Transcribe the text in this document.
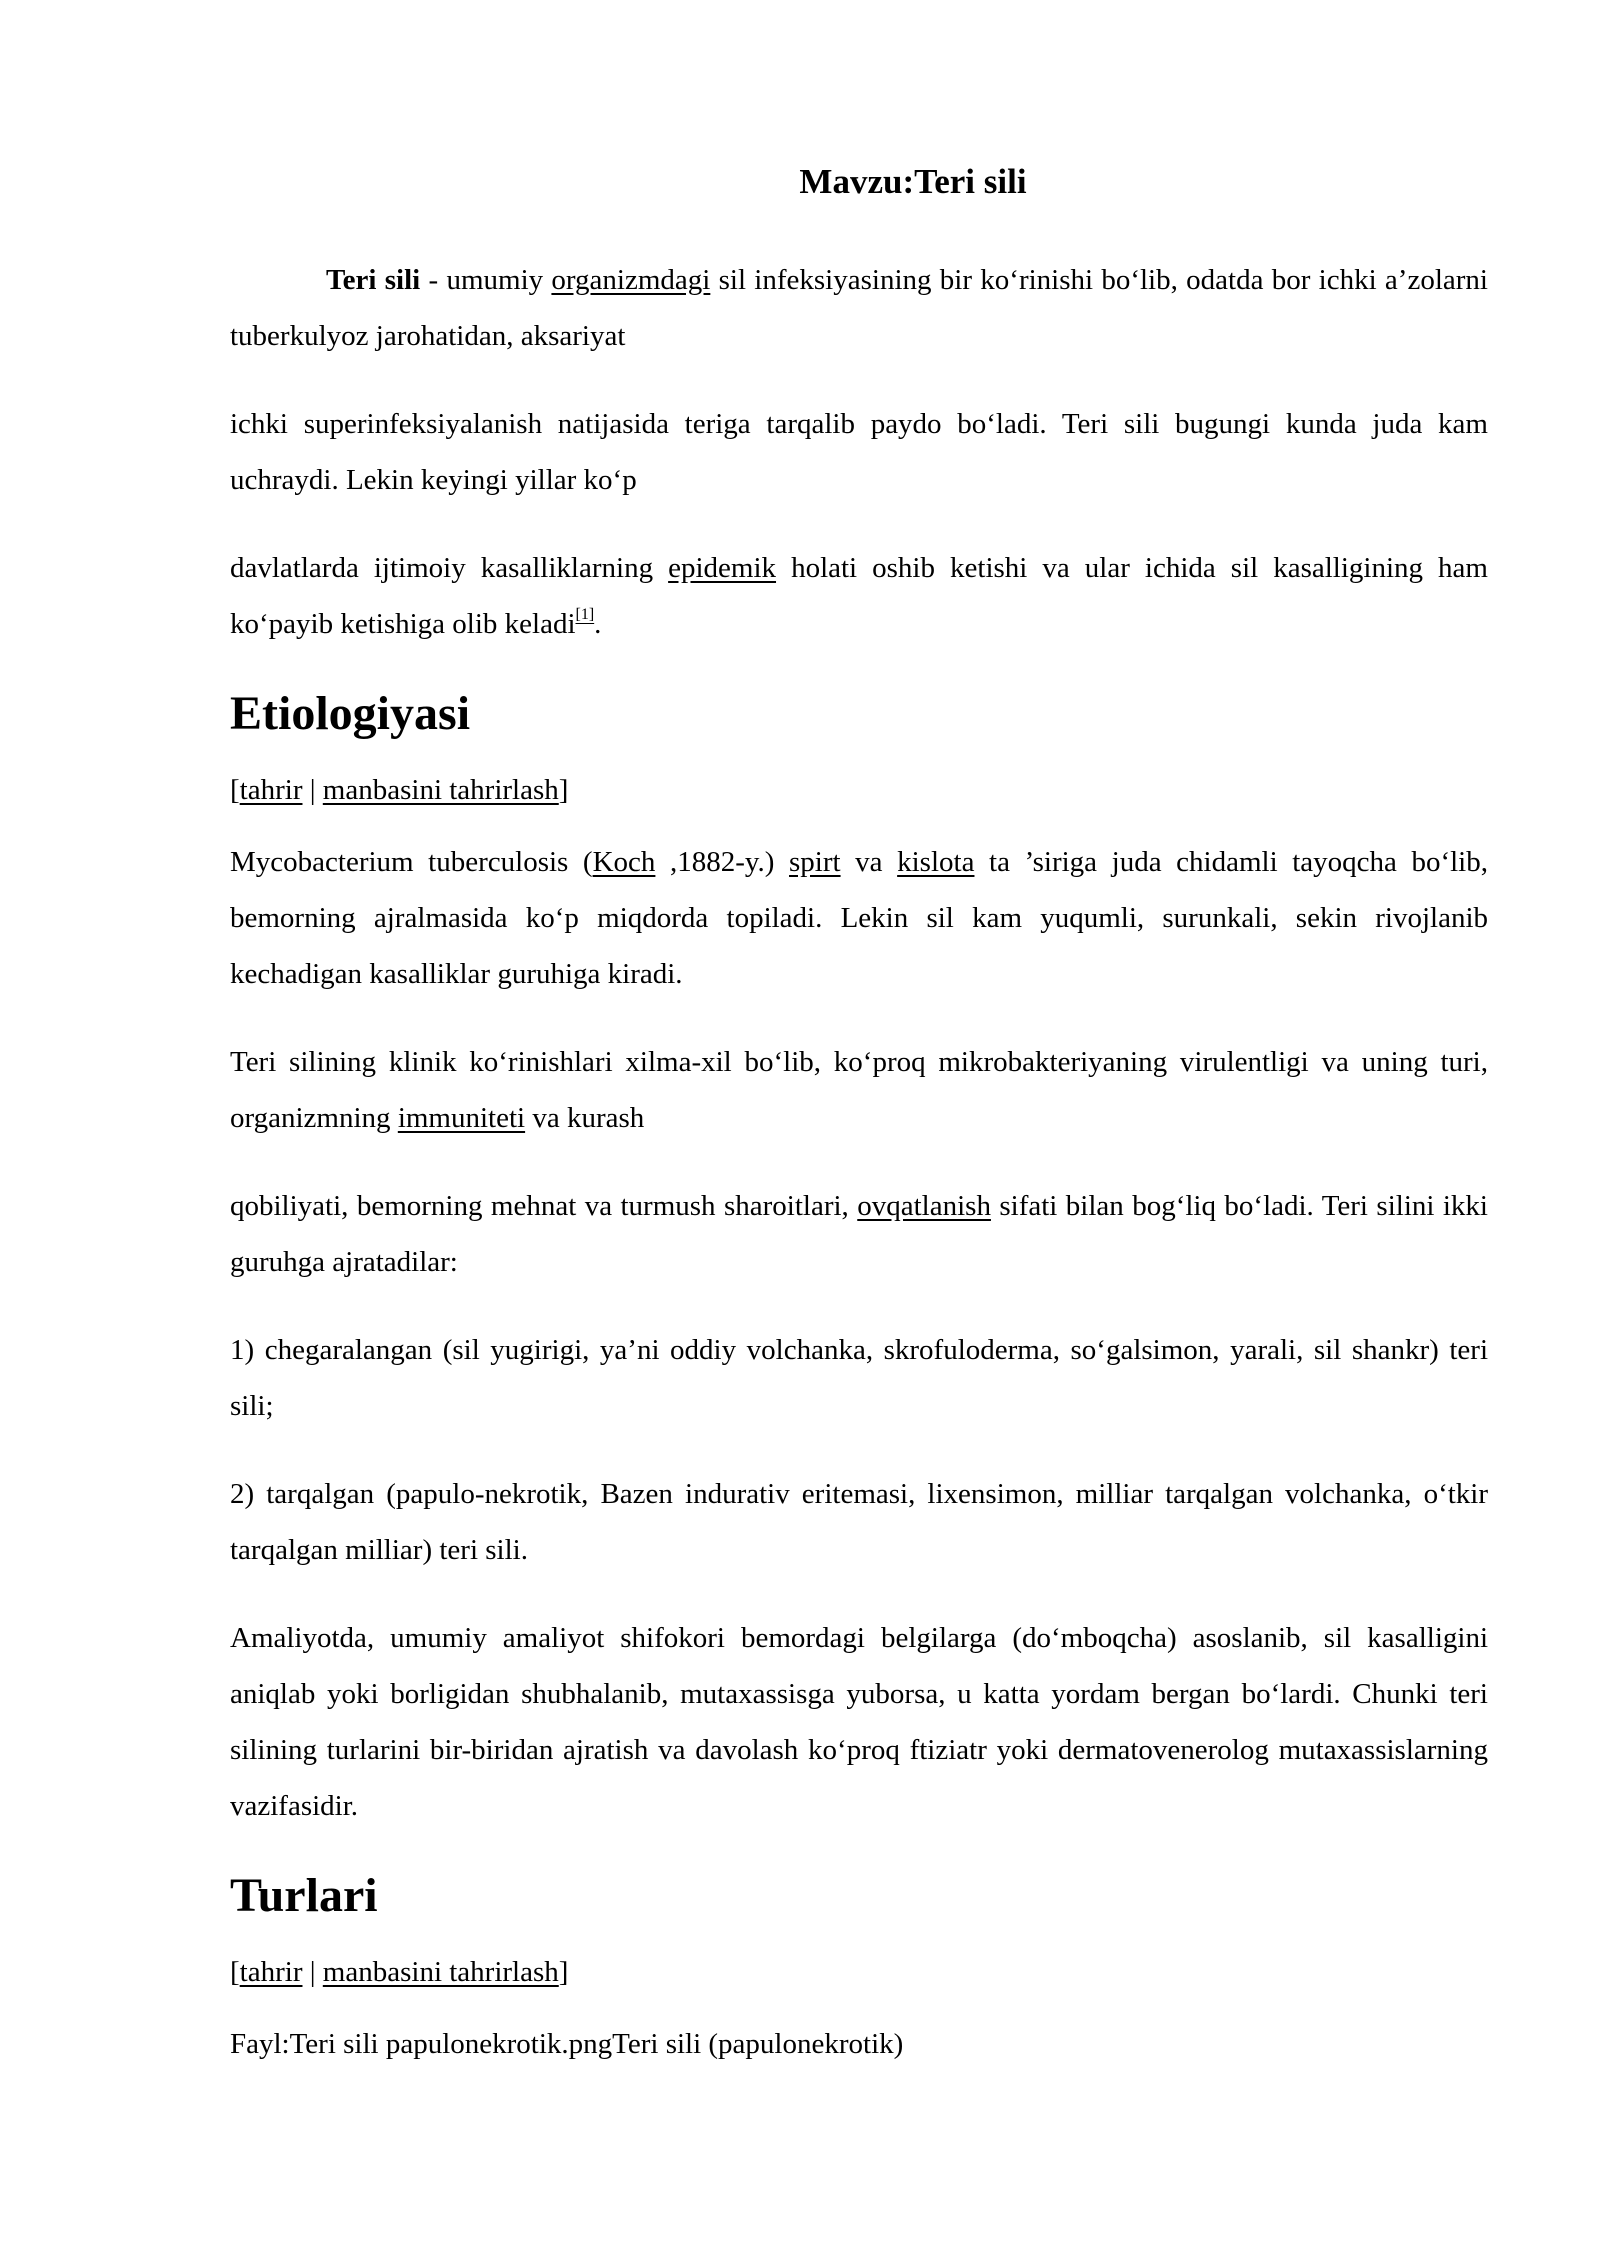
Mavzu:Teri sili

Teri sili - umumiy organizmdagi sil infeksiyasining bir ko‘rinishi bo‘lib, odatda bor ichki a’zolarni tuberkulyoz jarohatidan, aksariyat

ichki superinfeksiyalanish natijasida teriga tarqalib paydo bo‘ladi. Teri sili bugungi kunda juda kam uchraydi. Lekin keyingi yillar ko‘p

davlatlarda ijtimoiy kasalliklarning epidemik holati oshib ketishi va ular ichida sil kasalligining ham ko‘payib ketishiga olib keladi[1].

Etiologiyasi
[tahrir | manbasini tahrirlash]

Mycobacterium tuberculosis (Koch ,1882-y.) spirt va kislota ta ’siriga juda chidamli tayoqcha bo‘lib, bemorning ajralmasida ko‘p miqdorda topiladi. Lekin sil kam yuqumli, surunkali, sekin rivojlanib kechadigan kasalliklar guruhiga kiradi.

Teri silining klinik ko‘rinishlari xilma-xil bo‘lib, ko‘proq mikrobakteriyaning virulentligi va uning turi, organizmning immuniteti va kurash

qobiliyati, bemorning mehnat va turmush sharoitlari, ovqatlanish sifati bilan bog‘liq bo‘ladi. Teri silini ikki guruhga ajratadilar:

1) chegaralangan (sil yugirigi, ya’ni oddiy volchanka, skrofuloderma, so‘galsimon, yarali, sil shankr) teri sili;

2) tarqalgan (papulo-nekrotik, Bazen indurativ eritemasi, lixensimon, milliar tarqalgan volchanka, o‘tkir tarqalgan milliar) teri sili.

Amaliyotda, umumiy amaliyot shifokori bemordagi belgilarga (do‘mboqcha) asoslanib, sil kasalligini aniqlab yoki borligidan shubhalanib, mutaxassisga yuborsa, u katta yordam bergan bo‘lardi. Chunki teri silining turlarini bir-biridan ajratish va davolash ko‘proq ftiziatr yoki dermatovenerolog mutaxassislarning vazifasidir.

Turlari
[tahrir | manbasini tahrirlash]

Fayl:Teri sili papulonekrotik.pngTeri sili (papulonekrotik)
